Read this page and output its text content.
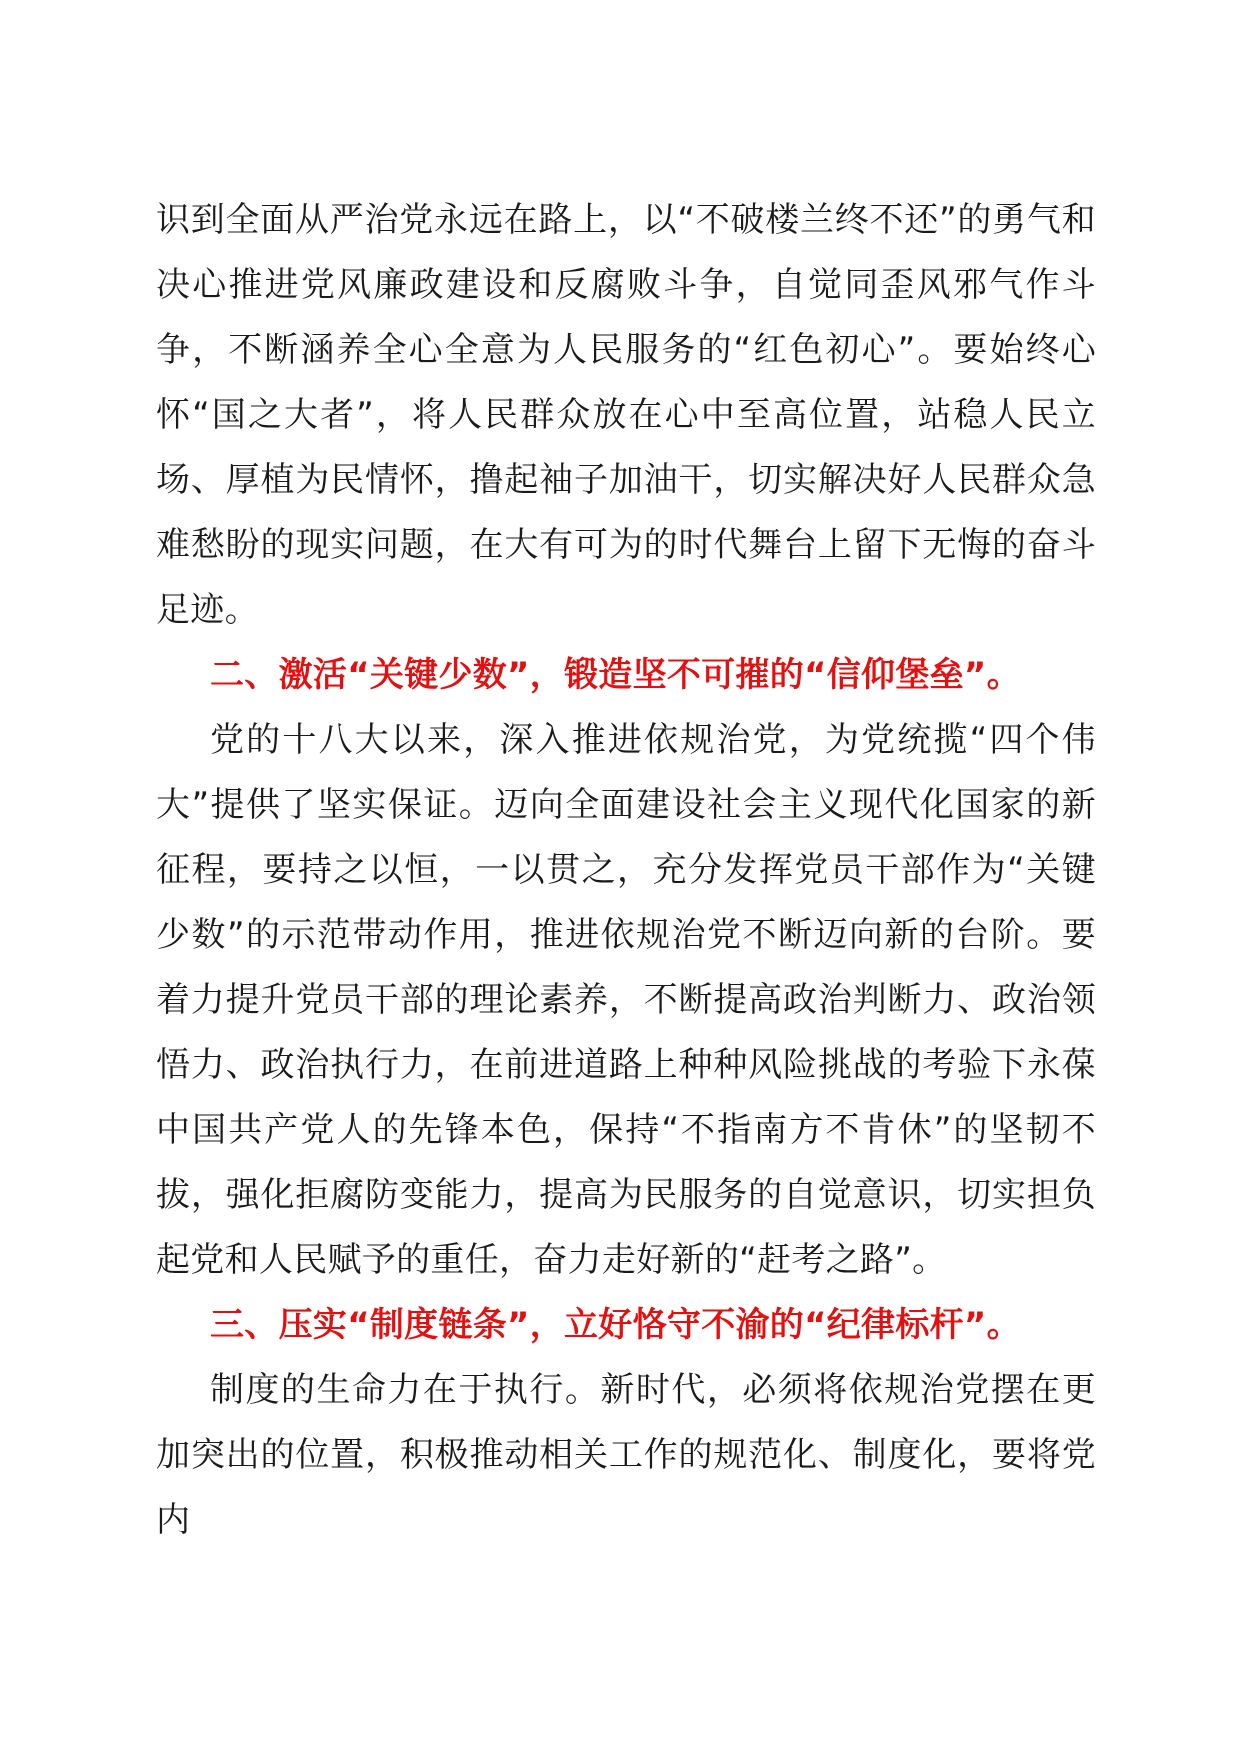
识到全面从严治党永远在路上，以“不破楼兰终不还”的勇气和决心推进党风廉政建设和反腐败斗争，自觉同歪风邪气作斗争，不断涵养全心全意为人民服务的“红色初心”。要始终心怀“国之大者”，将人民群众放在心中至高位置，站稳人民立场、厚植为民情怀，撸起袖子加油干，切实解决好人民群众急难愁盼的现实问题，在大有可为的时代舞台上留下无悔的奋斗足迹。

二、激活“关键少数”，锻造坚不可摧的“信仰堡垒”。

党的十八大以来，深入推进依规治党，为党统揽“四个伟大”提供了坚实保证。迈向全面建设社会主义现代化国家的新征程，要持之以恒，一以贯之，充分发挥党员干部作为“关键少数”的示范带动作用，推进依规治党不断迈向新的台阶。要着力提升党员干部的理论素养，不断提高政治判断力、政治领悟力、政治执行力，在前进道路上种种风险挑战的考验下永葆中国共产党人的先锋本色，保持“不指南方不肯休”的坚韧不拔，强化拒腐防变能力，提高为民服务的自觉意识，切实担负起党和人民赋予的重任，奋力走好新的“赶考之路”。

三、压实“制度链条”，立好恪守不渝的“纪律标杆”。

制度的生命力在于执行。新时代，必须将依规治党摆在更加突出的位置，积极推动相关工作的规范化、制度化，要将党内
